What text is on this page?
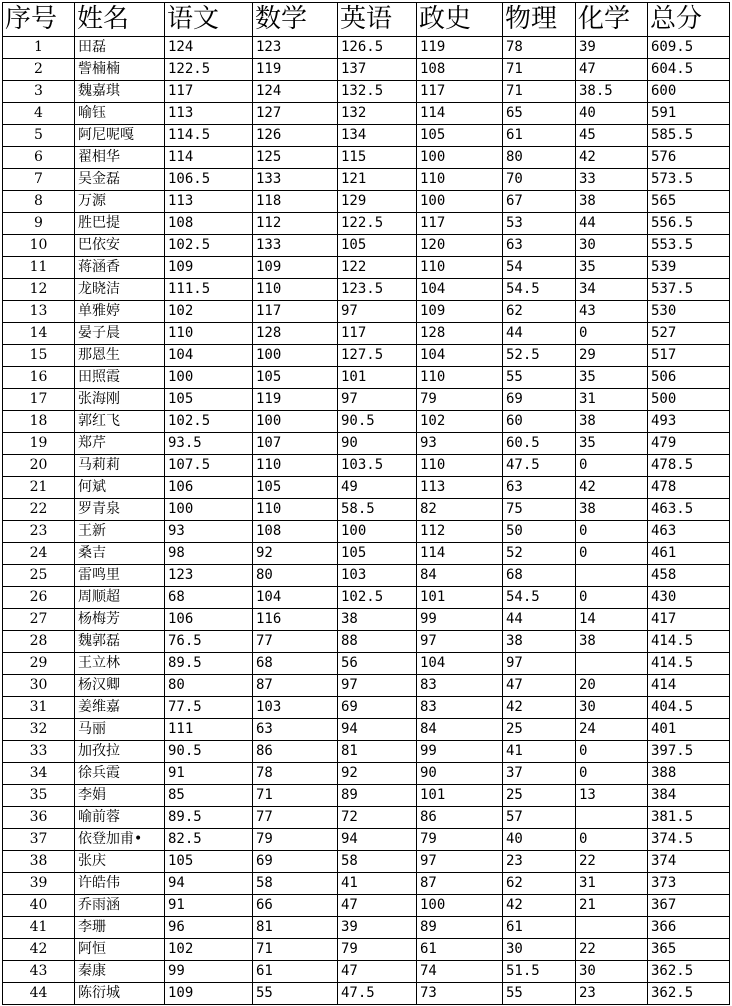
序号	姓名	语文	数学	英语	政史	物理	化学	总分
1	田磊	124	123	126.5	119	78	39	609.5
2	訾楠楠	122.5	119	137	108	71	47	604.5
3	魏嘉琪	117	124	132.5	117	71	38.5	600
4	喻钰	113	127	132	114	65	40	591
5	阿尼呢嘎	114.5	126	134	105	61	45	585.5
6	翟相华	114	125	115	100	80	42	576
7	吴金磊	106.5	133	121	110	70	33	573.5
8	万源	113	118	129	100	67	38	565
9	胜巴提	108	112	122.5	117	53	44	556.5
10	巴依安	102.5	133	105	120	63	30	553.5
11	蒋涵香	109	109	122	110	54	35	539
12	龙晓洁	111.5	110	123.5	104	54.5	34	537.5
13	单雅婷	102	117	97	109	62	43	530
14	晏子晨	110	128	117	128	44	0	527
15	那恩生	104	100	127.5	104	52.5	29	517
16	田照霞	100	105	101	110	55	35	506
17	张海刚	105	119	97	79	69	31	500
18	郭红飞	102.5	100	90.5	102	60	38	493
19	郑芹	93.5	107	90	93	60.5	35	479
20	马莉莉	107.5	110	103.5	110	47.5	0	478.5
21	何斌	106	105	49	113	63	42	478
22	罗青泉	100	110	58.5	82	75	38	463.5
23	王新	93	108	100	112	50	0	463
24	桑吉	98	92	105	114	52	0	461
25	雷鸣里	123	80	103	84	68		458
26	周顺超	68	104	102.5	101	54.5	0	430
27	杨梅芳	106	116	38	99	44	14	417
28	魏郭磊	76.5	77	88	97	38	38	414.5
29	王立林	89.5	68	56	104	97		414.5
30	杨汉卿	80	87	97	83	47	20	414
31	姜维嘉	77.5	103	69	83	42	30	404.5
32	马丽	111	63	94	84	25	24	401
33	加孜拉	90.5	86	81	99	41	0	397.5
34	徐兵霞	91	78	92	90	37	0	388
35	李娟	85	71	89	101	25	13	384
36	喻前蓉	89.5	77	72	86	57		381.5
37	依登加甫•	82.5	79	94	79	40	0	374.5
38	张庆	105	69	58	97	23	22	374
39	许皓伟	94	58	41	87	62	31	373
40	乔雨涵	91	66	47	100	42	21	367
41	李珊	96	81	39	89	61		366
42	阿恒	102	71	79	61	30	22	365
43	秦康	99	61	47	74	51.5	30	362.5
44	陈衍城	109	55	47.5	73	55	23	362.5
